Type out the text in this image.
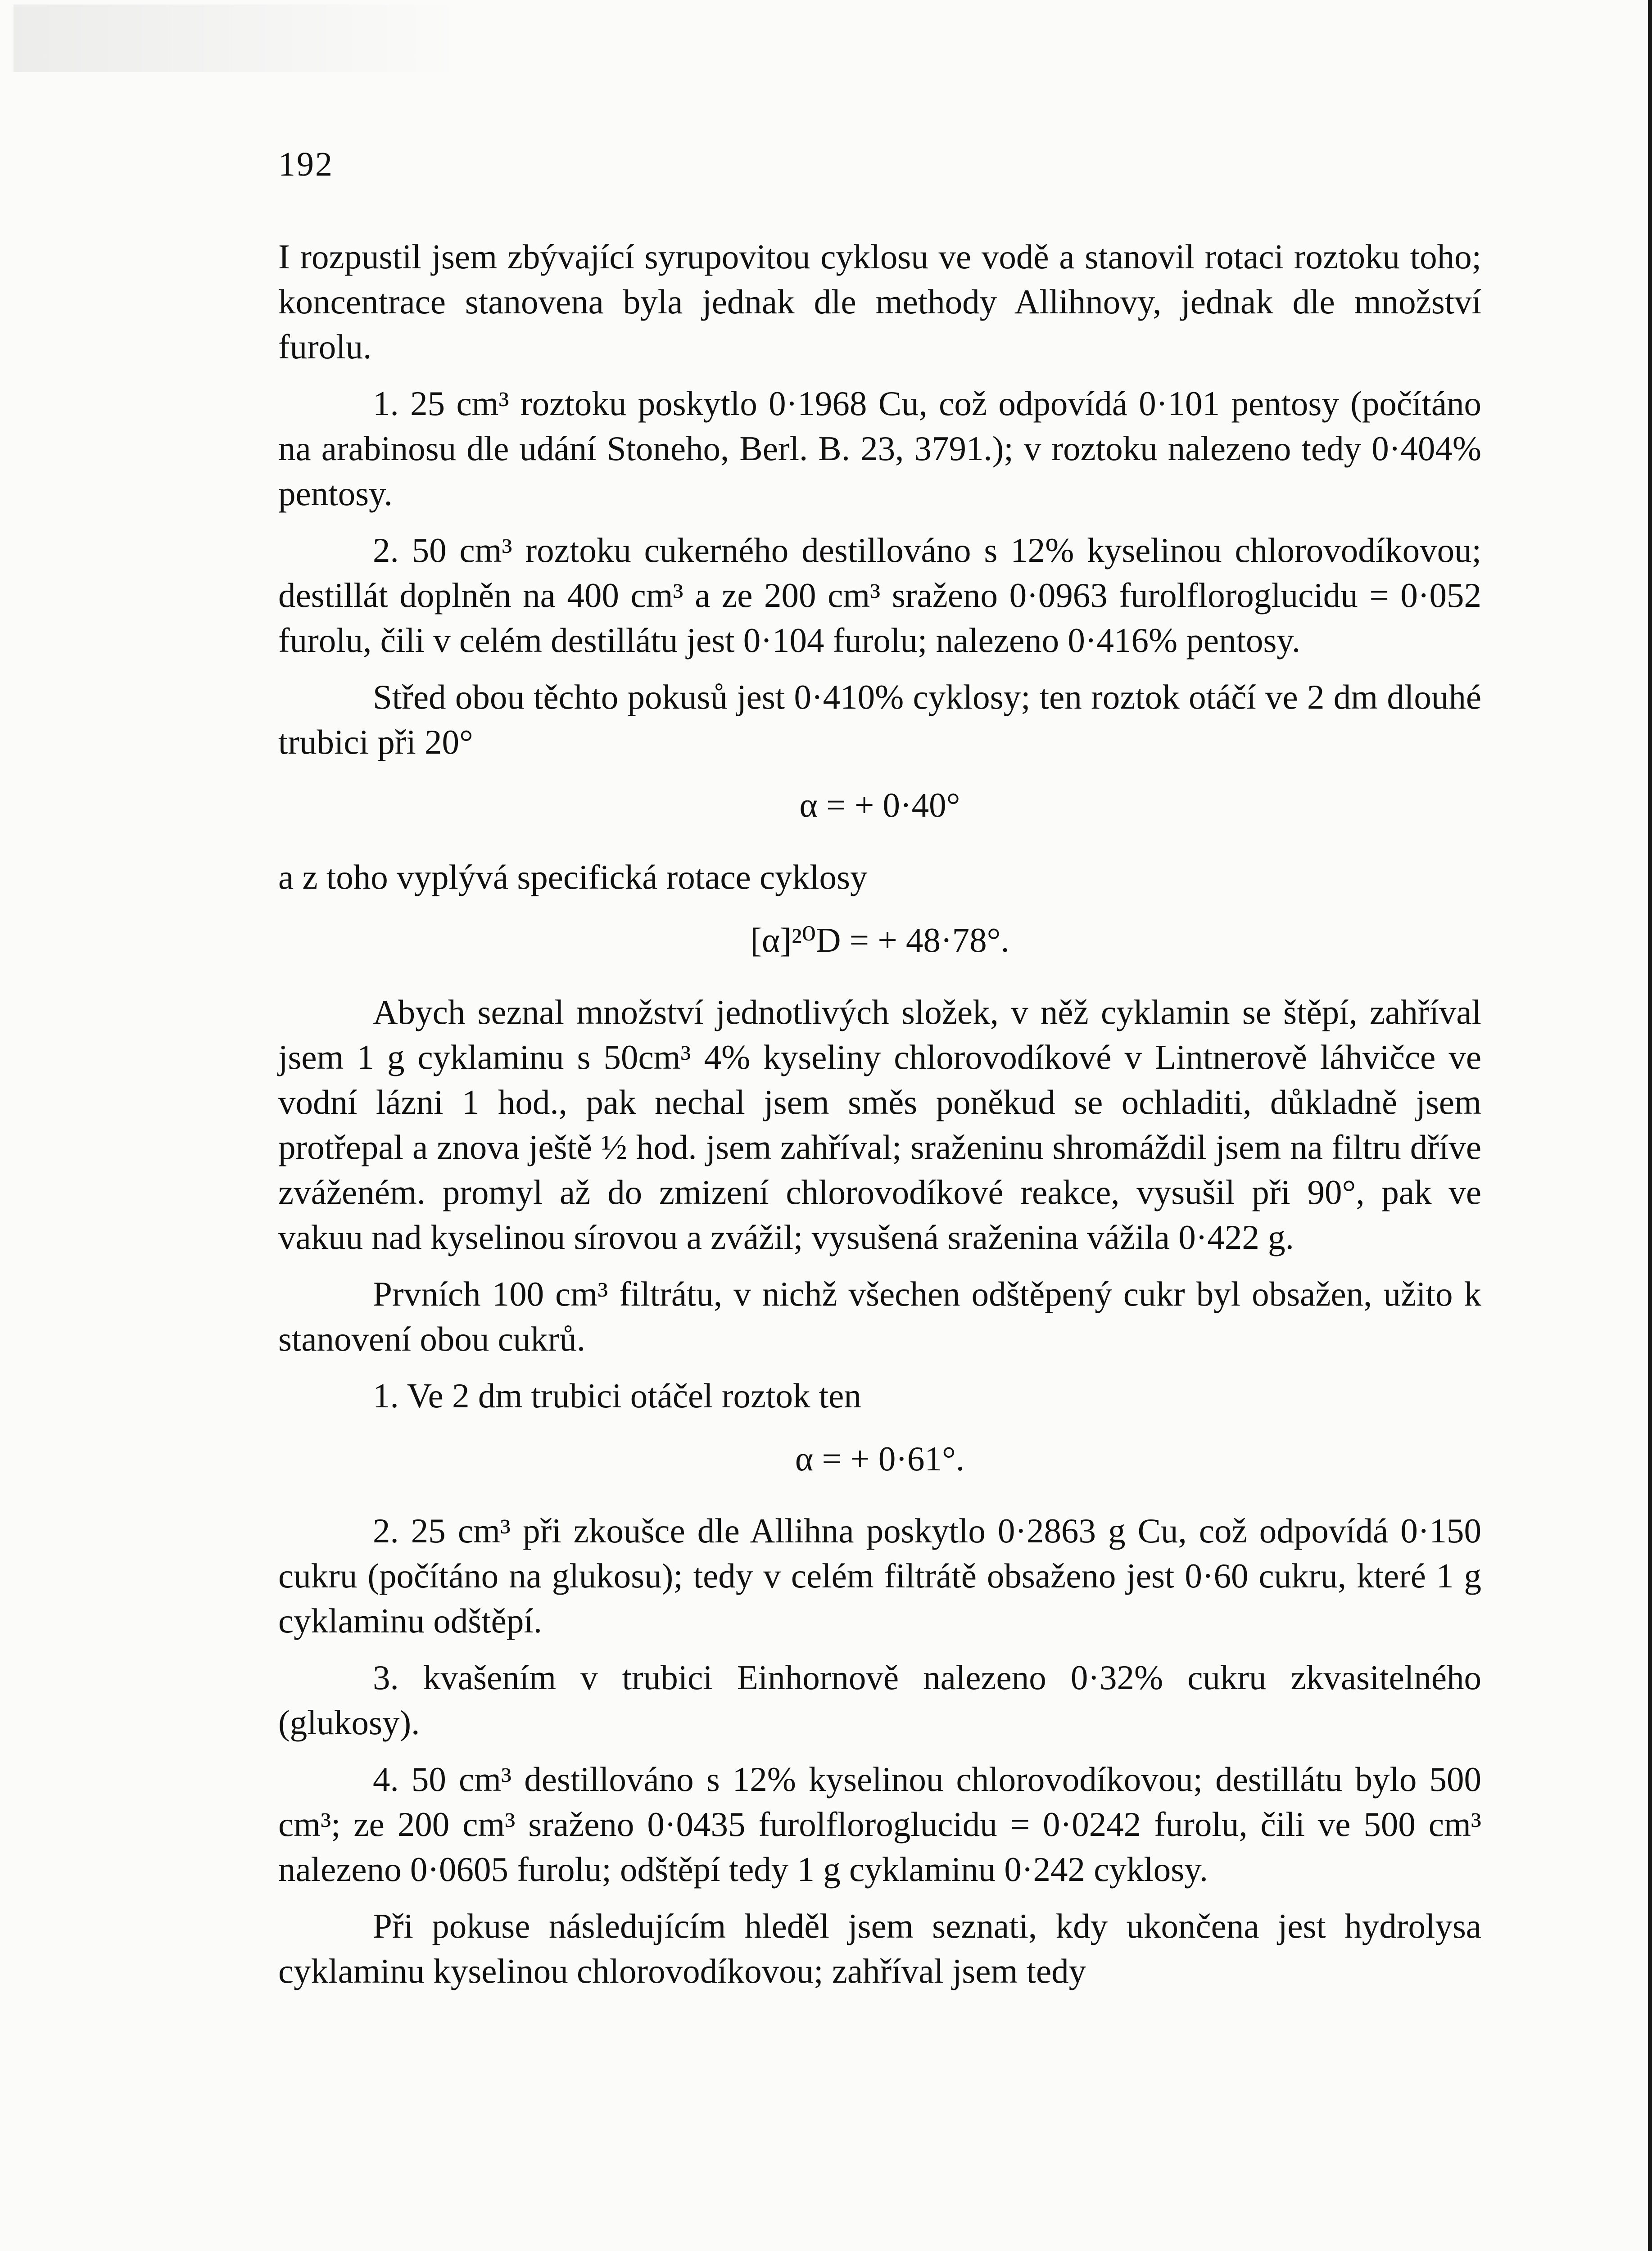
192

I rozpustil jsem zbývající syrupovitou cyklosu ve vodě a stanovil rotaci roztoku toho; koncentrace stanovena byla jednak dle methody Allihnovy, jednak dle množství furolu.

1. 25 cm³ roztoku poskytlo 0·1968 Cu, což odpovídá 0·101 pentosy (počítáno na arabinosu dle udání Stoneho, Berl. B. 23, 3791.); v roztoku nalezeno tedy 0·404% pentosy.

2. 50 cm³ roztoku cukerného destillováno s 12% kyselinou chlorovodíkovou; destillát doplněn na 400 cm³ a ze 200 cm³ sraženo 0·0963 furolfloroglucidu = 0·052 furolu, čili v celém destillátu jest 0·104 furolu; nalezeno 0·416% pentosy.

Střed obou těchto pokusů jest 0·410% cyklosy; ten roztok otáčí ve 2 dm dlouhé trubici při 20°

α = + 0·40°

a z toho vyplývá specifická rotace cyklosy

[α]²⁰D = + 48·78°.

Abych seznal množství jednotlivých složek, v něž cyklamin se štěpí, zahříval jsem 1 g cyklaminu s 50cm³ 4% kyseliny chlorovodíkové v Lintnerově láhvičce ve vodní lázni 1 hod., pak nechal jsem směs poněkud se ochladiti, důkladně jsem protřepal a znova ještě ½ hod. jsem zahříval; sraženinu shromáždil jsem na filtru dříve zváženém. promyl až do zmizení chlorovodíkové reakce, vysušil při 90°, pak ve vakuu nad kyselinou sírovou a zvážil; vysušená sraženina vážila 0·422 g.

Prvních 100 cm³ filtrátu, v nichž všechen odštěpený cukr byl obsažen, užito k stanovení obou cukrů.

1. Ve 2 dm trubici otáčel roztok ten

α = + 0·61°.

2. 25 cm³ při zkoušce dle Allihna poskytlo 0·2863 g Cu, což odpovídá 0·150 cukru (počítáno na glukosu); tedy v celém filtrátě obsaženo jest 0·60 cukru, které 1 g cyklaminu odštěpí.

3. kvašením v trubici Einhornově nalezeno 0·32% cukru zkvasitelného (glukosy).

4. 50 cm³ destillováno s 12% kyselinou chlorovodíkovou; destillátu bylo 500 cm³; ze 200 cm³ sraženo 0·0435 furolfloroglucidu = 0·0242 furolu, čili ve 500 cm³ nalezeno 0·0605 furolu; odštěpí tedy 1 g cyklaminu 0·242 cyklosy.

Při pokuse následujícím hleděl jsem seznati, kdy ukončena jest hydrolysa cyklaminu kyselinou chlorovodíkovou; zahříval jsem tedy
